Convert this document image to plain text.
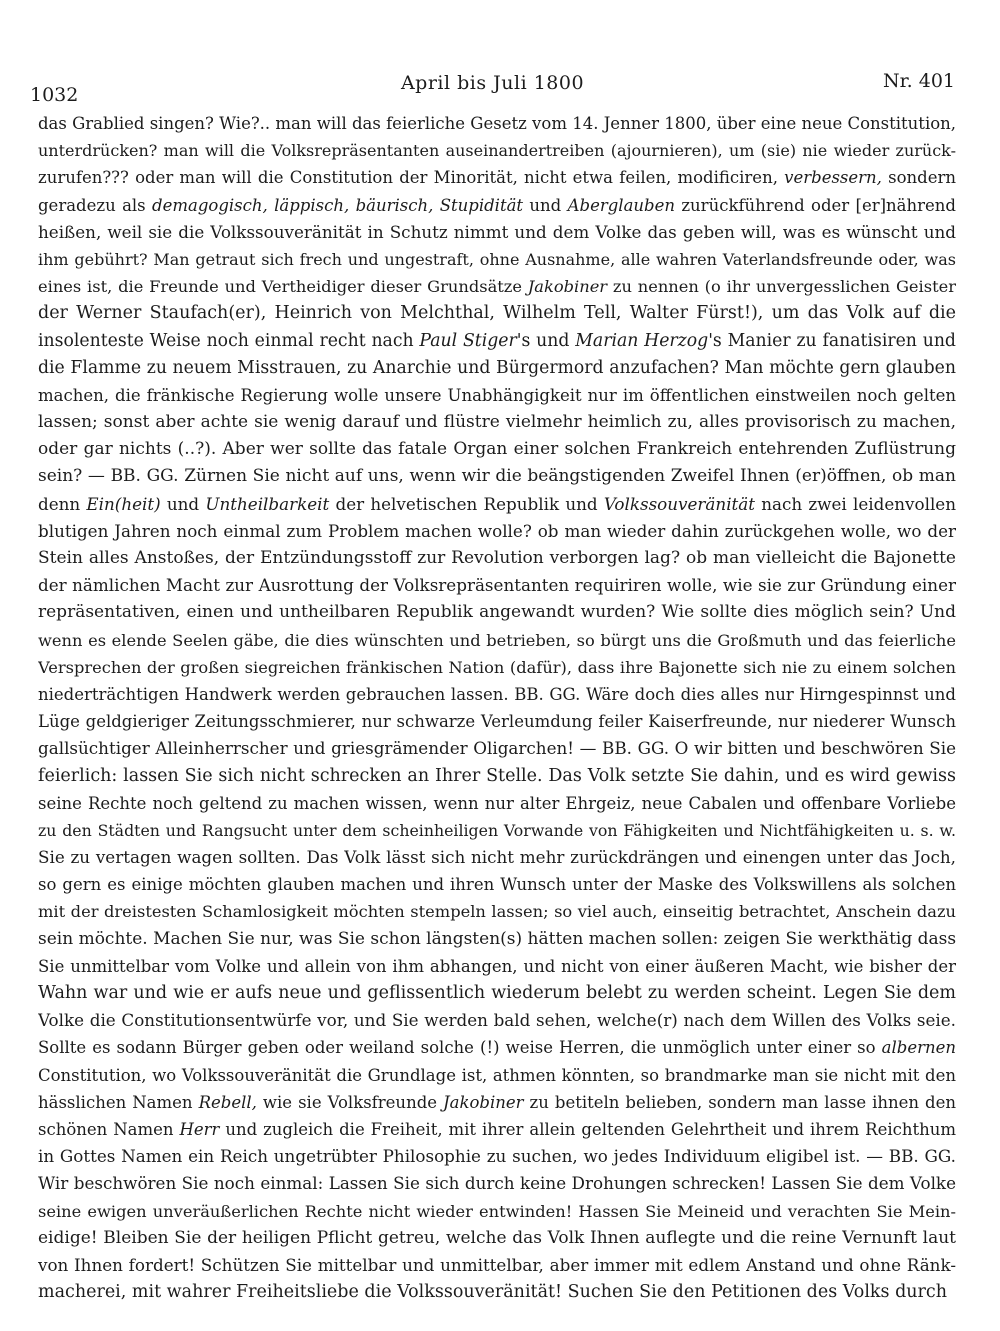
1032
April bis Juli 1800	Nr. 401
das Grablied singen? Wie?.. man will das feierliche Gesetz vom 14. Jenner 1800, über eine neue Constitution,
unterdrücken? man will die Volksrepräsentanten auseinandertreiben (ajournieren), um (sie) nie wieder zurück-
zurufen??? oder man will die Constitution der Minorität, nicht etwa feilen, modificiren, verbessern, sondern
geradezu als demagogisch, läppisch, bäurisch, Stupidität und Aberglauben zurückführend oder [er]nährend
heißen, weil sie die Volkssouveränität in Schutz nimmt und dem Volke das geben will, was es wünscht und
ihm gebührt? Man getraut sich frech und ungestraft, ohne Ausnahme, alle wahren Vaterlandsfreunde oder, was
eines ist, die Freunde und Vertheidiger dieser Grundsätze Jakobiner zu nennen (o ihr unvergesslichen Geister
der Werner Staufach(er), Heinrich von Melchthal, Wilhelm Tell, Walter Fürst!), um das Volk auf die
insolenteste Weise noch einmal recht nach Paul Stiger's und Marian Herzog's Manier zu fanatisiren und
die Flamme zu neuem Misstrauen, zu Anarchie und Bürgermord anzufachen? Man möchte gern glauben
machen, die fränkische Regierung wolle unsere Unabhängigkeit nur im öffentlichen einstweilen noch gelten
lassen; sonst aber achte sie wenig darauf und flüstre vielmehr heimlich zu, alles provisorisch zu machen,
oder gar nichts (..?). Aber wer sollte das fatale Organ einer solchen Frankreich entehrenden Zuflüstrung
sein? — BB. GG. Zürnen Sie nicht auf uns, wenn wir die beängstigenden Zweifel Ihnen (er)öffnen, ob man
denn Ein(heit) und Untheilbarkeit der helvetischen Republik und Volkssouveränität nach zwei leidenvollen
blutigen Jahren noch einmal zum Problem machen wolle? ob man wieder dahin zurückgehen wolle, wo der
Stein alles Anstoßes, der Entzündungsstoff zur Revolution verborgen lag? ob man vielleicht die Bajonette
der nämlichen Macht zur Ausrottung der Volksrepräsentanten requiriren wolle, wie sie zur Gründung einer
repräsentativen, einen und untheilbaren Republik angewandt wurden? Wie sollte dies möglich sein? Und
wenn es elende Seelen gäbe, die dies wünschten und betrieben, so bürgt uns die Großmuth und das feierliche
Versprechen der großen siegreichen fränkischen Nation (dafür), dass ihre Bajonette sich nie zu einem solchen
niederträchtigen Handwerk werden gebrauchen lassen. BB. GG. Wäre doch dies alles nur Hirngespinnst und
Lüge geldgieriger Zeitungsschmierer, nur schwarze Verleumdung feiler Kaiserfreunde, nur niederer Wunsch
gallsüchtiger Alleinherrscher und griesgrämender Oligarchen! — BB. GG. O wir bitten und beschwören Sie
feierlich: lassen Sie sich nicht schrecken an Ihrer Stelle. Das Volk setzte Sie dahin, und es wird gewiss
seine Rechte noch geltend zu machen wissen, wenn nur alter Ehrgeiz, neue Cabalen und offenbare Vorliebe
zu den Städten und Rangsucht unter dem scheinheiligen Vorwande von Fähigkeiten und Nichtfähigkeiten u. s. w.
Sie zu vertagen wagen sollten. Das Volk lässt sich nicht mehr zurückdrängen und einengen unter das Joch,
so gern es einige möchten glauben machen und ihren Wunsch unter der Maske des Volkswillens als solchen
mit der dreistesten Schamlosigkeit möchten stempeln lassen; so viel auch, einseitig betrachtet, Anschein dazu
sein möchte. Machen Sie nur, was Sie schon längsten(s) hätten machen sollen: zeigen Sie werkthätig dass
Sie unmittelbar vom Volke und allein von ihm abhangen, und nicht von einer äußeren Macht, wie bisher der
Wahn war und wie er aufs neue und geflissentlich wiederum belebt zu werden scheint. Legen Sie dem
Volke die Constitutionsentwürfe vor, und Sie werden bald sehen, welche(r) nach dem Willen des Volks seie.
Sollte es sodann Bürger geben oder weiland solche (!) weise Herren, die unmöglich unter einer so albernen
Constitution, wo Volkssouveränität die Grundlage ist, athmen könnten, so brandmarke man sie nicht mit den
hässlichen Namen Rebell, wie sie Volksfreunde Jakobiner zu betiteln belieben, sondern man lasse ihnen den
schönen Namen Herr und zugleich die Freiheit, mit ihrer allein geltenden Gelehrtheit und ihrem Reichthum
in Gottes Namen ein Reich ungetrübter Philosophie zu suchen, wo jedes Individuum eligibel ist. — BB. GG.
Wir beschwören Sie noch einmal: Lassen Sie sich durch keine Drohungen schrecken! Lassen Sie dem Volke
seine ewigen unveräußerlichen Rechte nicht wieder entwinden! Hassen Sie Meineid und verachten Sie Mein-
eidige! Bleiben Sie der heiligen Pflicht getreu, welche das Volk Ihnen auflegte und die reine Vernunft laut
von Ihnen fordert! Schützen Sie mittelbar und unmittelbar, aber immer mit edlem Anstand und ohne Ränk-
macherei, mit wahrer Freiheitsliebe die Volkssouveränität! Suchen Sie den Petitionen des Volks durch
